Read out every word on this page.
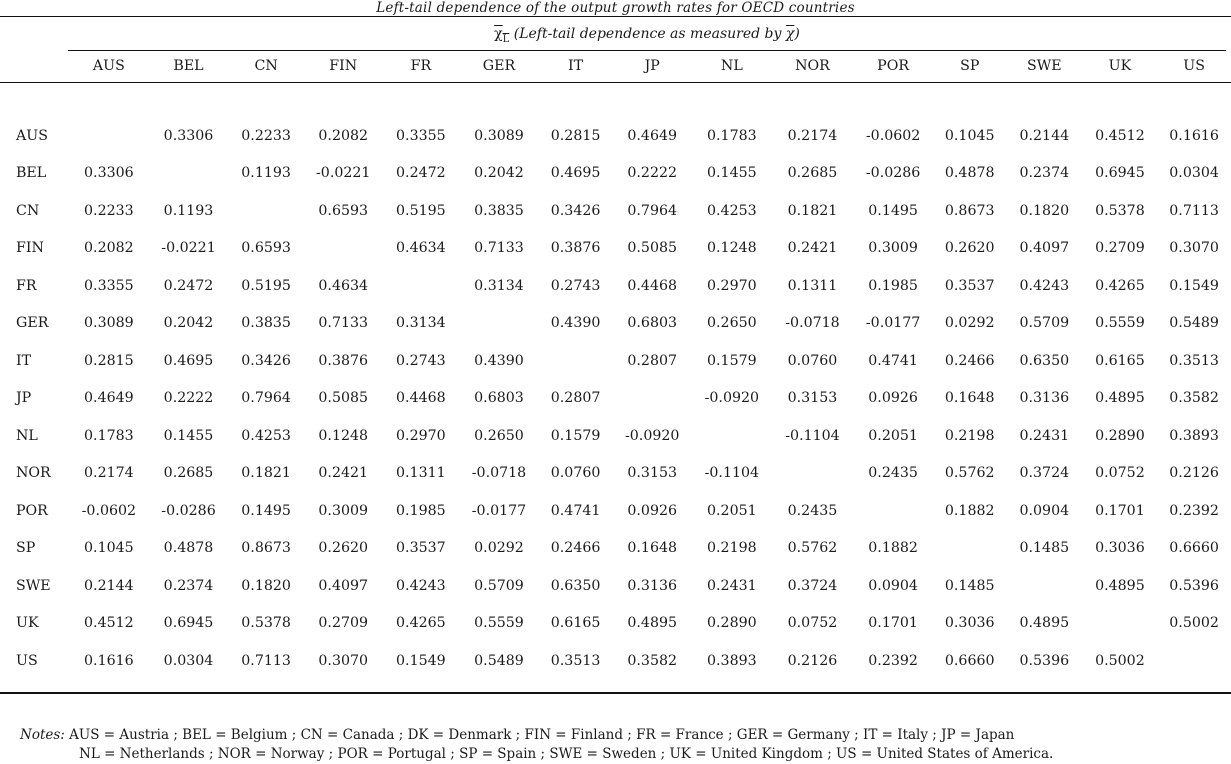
Left-tail dependence of the output growth rates for OECD countries
$\chi_L$ (Left-tail dependence as measured by $\overline{\chi}$)
	AUS	BEL	CN	FIN	FR	GER	IT	JP	NL	NOR	POR	SP	SWE	UK	US

AUS		0.3306	0.2233	0.2082	0.3355	0.3089	0.2815	0.4649	0.1783	0.2174	-0.0602	0.1045	0.2144	0.4512	0.1616
BEL	0.3306		0.1193	-0.0221	0.2472	0.2042	0.4695	0.2222	0.1455	0.2685	-0.0286	0.4878	0.2374	0.6945	0.0304
CN	0.2233	0.1193		0.6593	0.5195	0.3835	0.3426	0.7964	0.4253	0.1821	0.1495	0.8673	0.1820	0.5378	0.7113
FIN	0.2082	-0.0221	0.6593		0.4634	0.7133	0.3876	0.5085	0.1248	0.2421	0.3009	0.2620	0.4097	0.2709	0.3070
FR	0.3355	0.2472	0.5195	0.4634		0.3134	0.2743	0.4468	0.2970	0.1311	0.1985	0.3537	0.4243	0.4265	0.1549
GER	0.3089	0.2042	0.3835	0.7133	0.3134		0.4390	0.6803	0.2650	-0.0718	-0.0177	0.0292	0.5709	0.5559	0.5489
IT	0.2815	0.4695	0.3426	0.3876	0.2743	0.4390		0.2807	0.1579	0.0760	0.4741	0.2466	0.6350	0.6165	0.3513
JP	0.4649	0.2222	0.7964	0.5085	0.4468	0.6803	0.2807		-0.0920	0.3153	0.0926	0.1648	0.3136	0.4895	0.3582
NL	0.1783	0.1455	0.4253	0.1248	0.2970	0.2650	0.1579	-0.0920		-0.1104	0.2051	0.2198	0.2431	0.2890	0.3893
NOR	0.2174	0.2685	0.1821	0.2421	0.1311	-0.0718	0.0760	0.3153	-0.1104		0.2435	0.5762	0.3724	0.0752	0.2126
POR	-0.0602	-0.0286	0.1495	0.3009	0.1985	-0.0177	0.4741	0.0926	0.2051	0.2435		0.1882	0.0904	0.1701	0.2392
SP	0.1045	0.4878	0.8673	0.2620	0.3537	0.0292	0.2466	0.1648	0.2198	0.5762	0.1882		0.1485	0.3036	0.6660
SWE	0.2144	0.2374	0.1820	0.4097	0.4243	0.5709	0.6350	0.3136	0.2431	0.3724	0.0904	0.1485		0.4895	0.5396
UK	0.4512	0.6945	0.5378	0.2709	0.4265	0.5559	0.6165	0.4895	0.2890	0.0752	0.1701	0.3036	0.4895		0.5002
US	0.1616	0.0304	0.7113	0.3070	0.1549	0.5489	0.3513	0.3582	0.3893	0.2126	0.2392	0.6660	0.5396	0.5002	
Notes: AUS = Austria ; BEL = Belgium ; CN = Canada ; DK = Denmark ; FIN = Finland ; FR = France ; GER = Germany ; IT = Italy ; JP = Japan
NL = Netherlands ; NOR = Norway ; POR = Portugal ; SP = Spain ; SWE = Sweden ; UK = United Kingdom ; US = United States of America.
